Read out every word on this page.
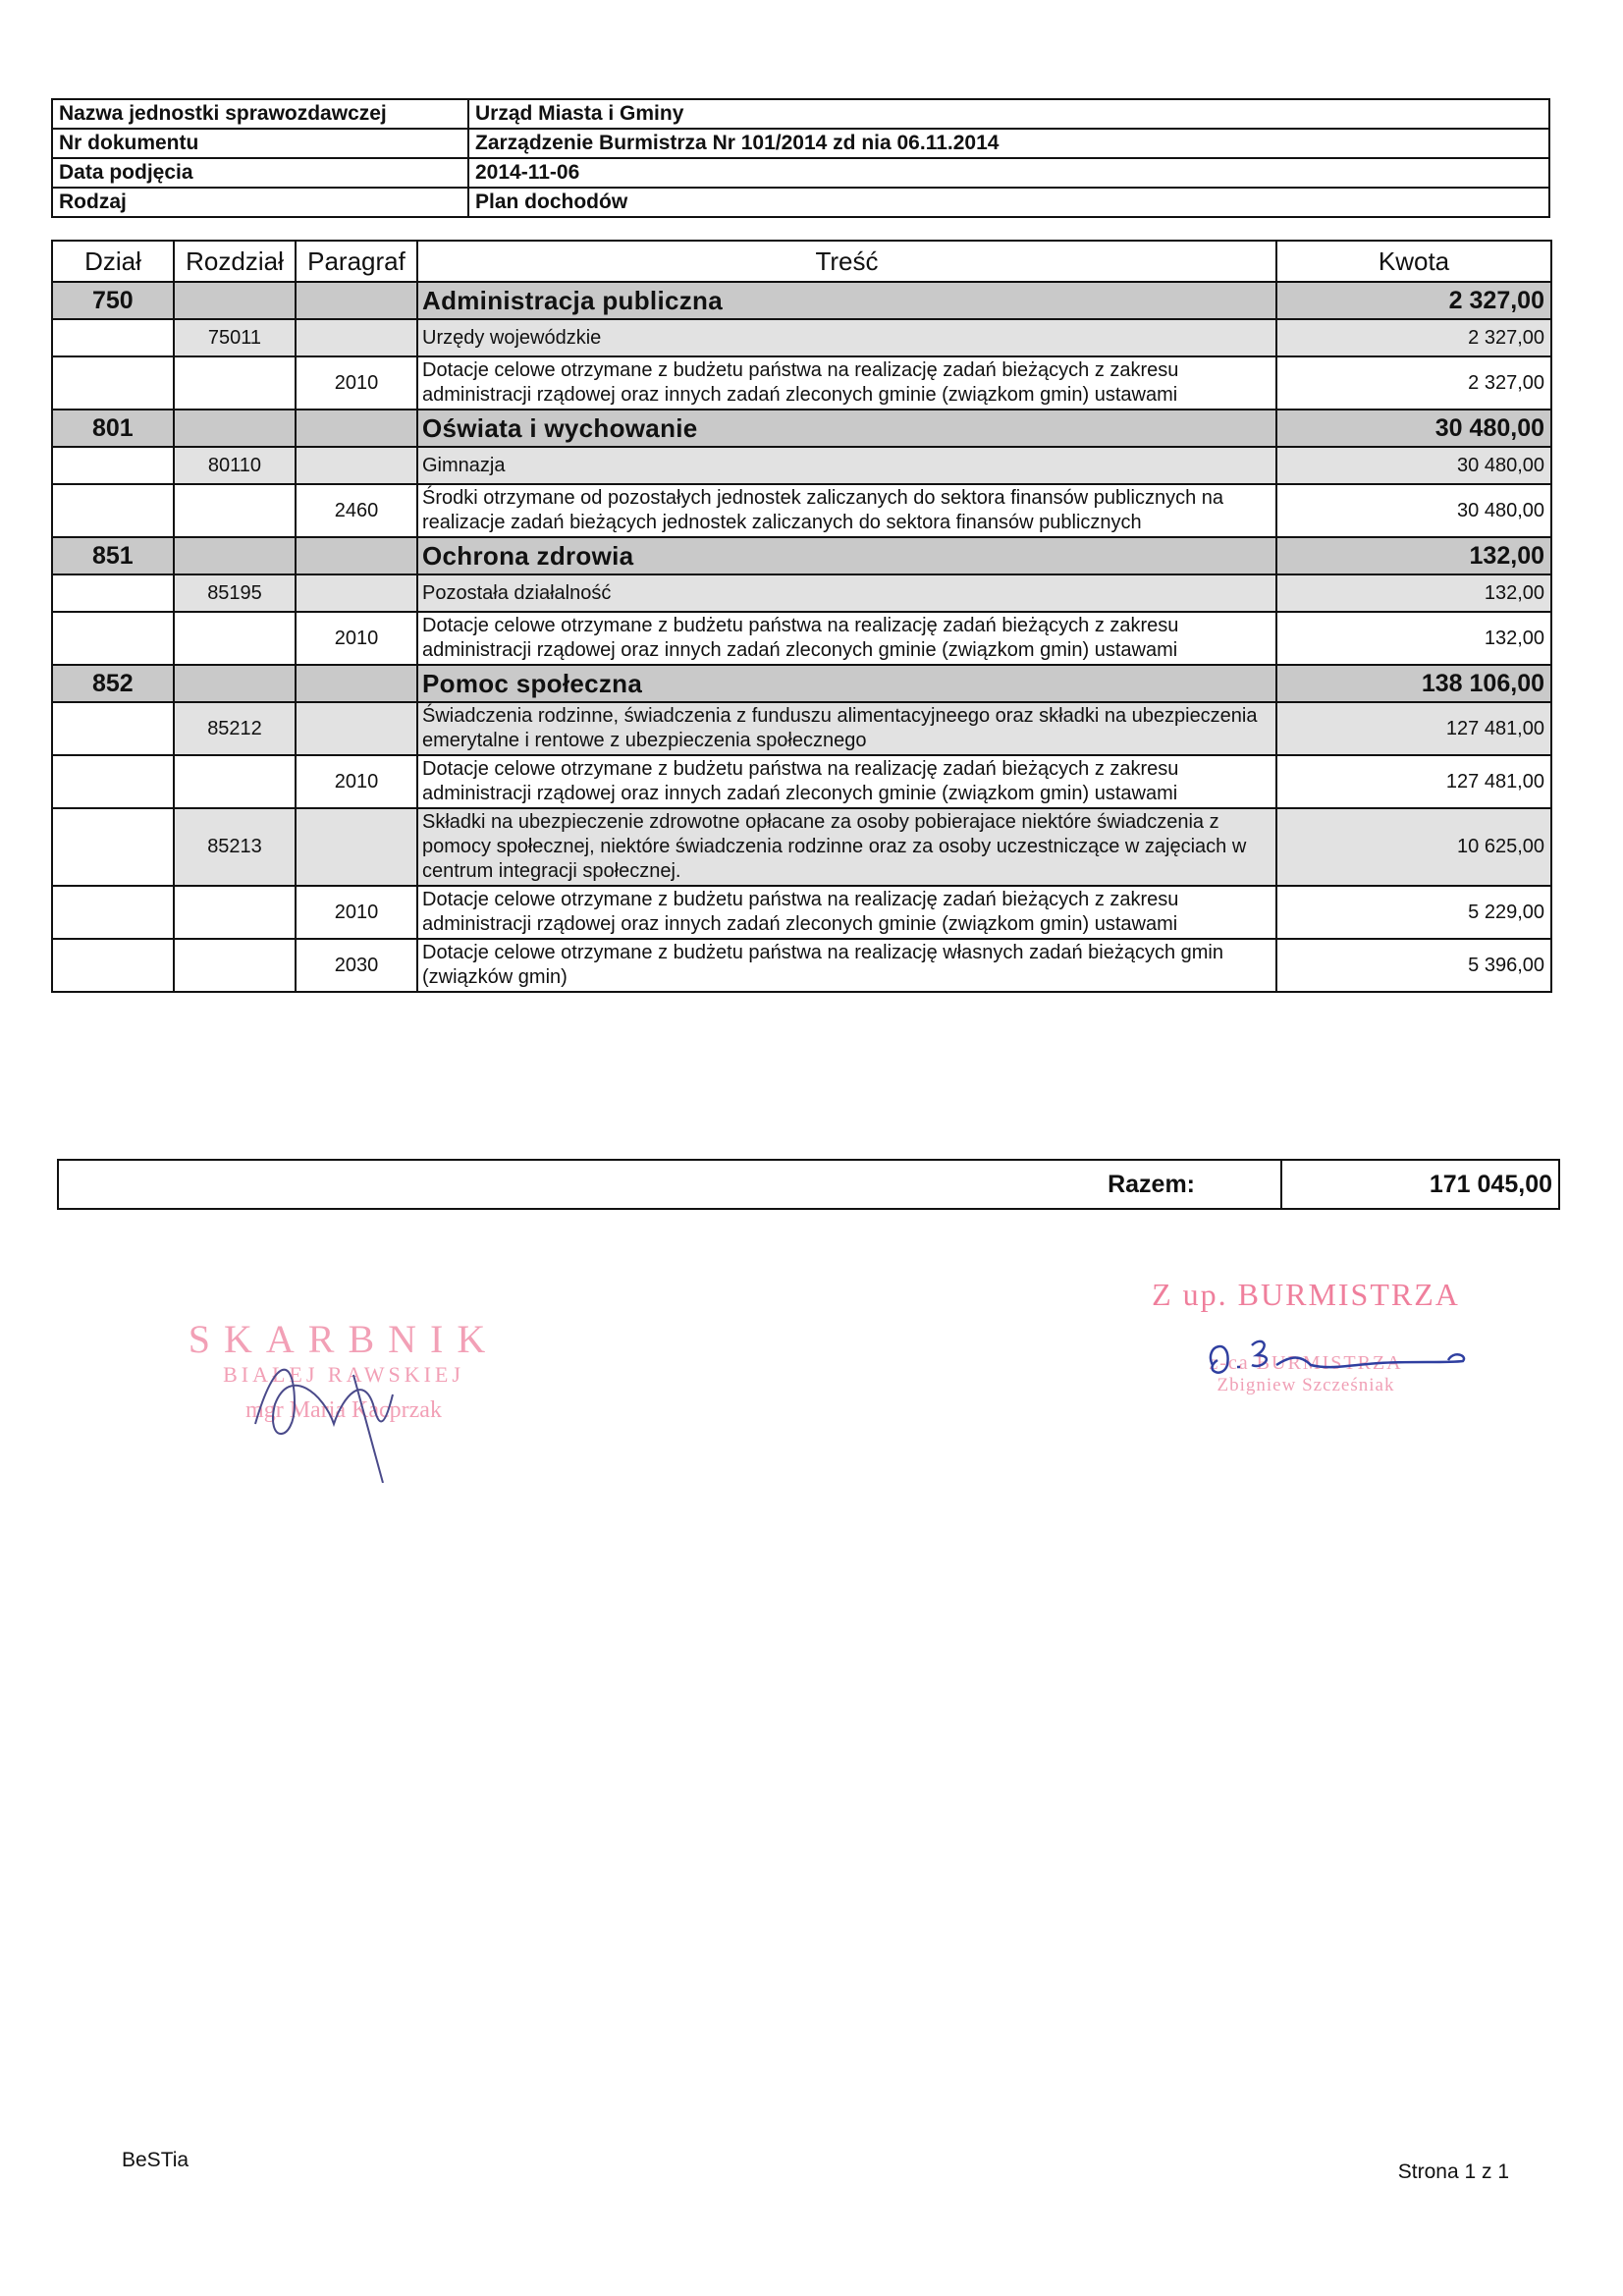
Nazwa jednostki sprawozdawczej	Urząd Miasta i Gminy
Nr dokumentu	Zarządzenie Burmistrza Nr 101/2014 zd nia 06.11.2014
Data podjęcia	2014-11-06
Rodzaj	Plan dochodów
Dział	Rozdział	Paragraf	Treść	Kwota
750			Administracja publiczna	2 327,00
	75011		Urzędy wojewódzkie	2 327,00
		2010	Dotacje celowe otrzymane z budżetu państwa na realizację zadań bieżących z zakresu administracji rządowej oraz innych zadań zleconych gminie (związkom gmin) ustawami	2 327,00
801			Oświata i wychowanie	30 480,00
	80110		Gimnazja	30 480,00
		2460	Środki otrzymane od pozostałych jednostek zaliczanych do sektora finansów publicznych na realizacje zadań bieżących jednostek zaliczanych do sektora finansów publicznych	30 480,00
851			Ochrona zdrowia	132,00
	85195		Pozostała działalność	132,00
		2010	Dotacje celowe otrzymane z budżetu państwa na realizację zadań bieżących z zakresu administracji rządowej oraz innych zadań zleconych gminie (związkom gmin) ustawami	132,00
852			Pomoc społeczna	138 106,00
	85212		Świadczenia rodzinne, świadczenia z funduszu alimentacyjneego oraz składki na ubezpieczenia emerytalne i rentowe z ubezpieczenia społecznego	127 481,00
		2010	Dotacje celowe otrzymane z budżetu państwa na realizację zadań bieżących z zakresu administracji rządowej oraz innych zadań zleconych gminie (związkom gmin) ustawami	127 481,00
	85213		Składki na ubezpieczenie zdrowotne opłacane za osoby pobierajace niektóre świadczenia z pomocy społecznej, niektóre świadczenia rodzinne oraz za osoby uczestniczące w zajęciach w centrum integracji społecznej.	10 625,00
		2010	Dotacje celowe otrzymane z budżetu państwa na realizację zadań bieżących z zakresu administracji rządowej oraz innych zadań zleconych gminie (związkom gmin) ustawami	5 229,00
		2030	Dotacje celowe otrzymane z budżetu państwa na realizację własnych zadań bieżących gmin (związków gmin)	5 396,00
Razem:	171 045,00
SKARBNIK
BIAŁEJ RAWSKIEJ
mgr Maria Kacprzak
Z up. BURMISTRZA
z-ca BURMISTRZA
Zbigniew Szcześniak
BeSTia
Strona 1 z 1
